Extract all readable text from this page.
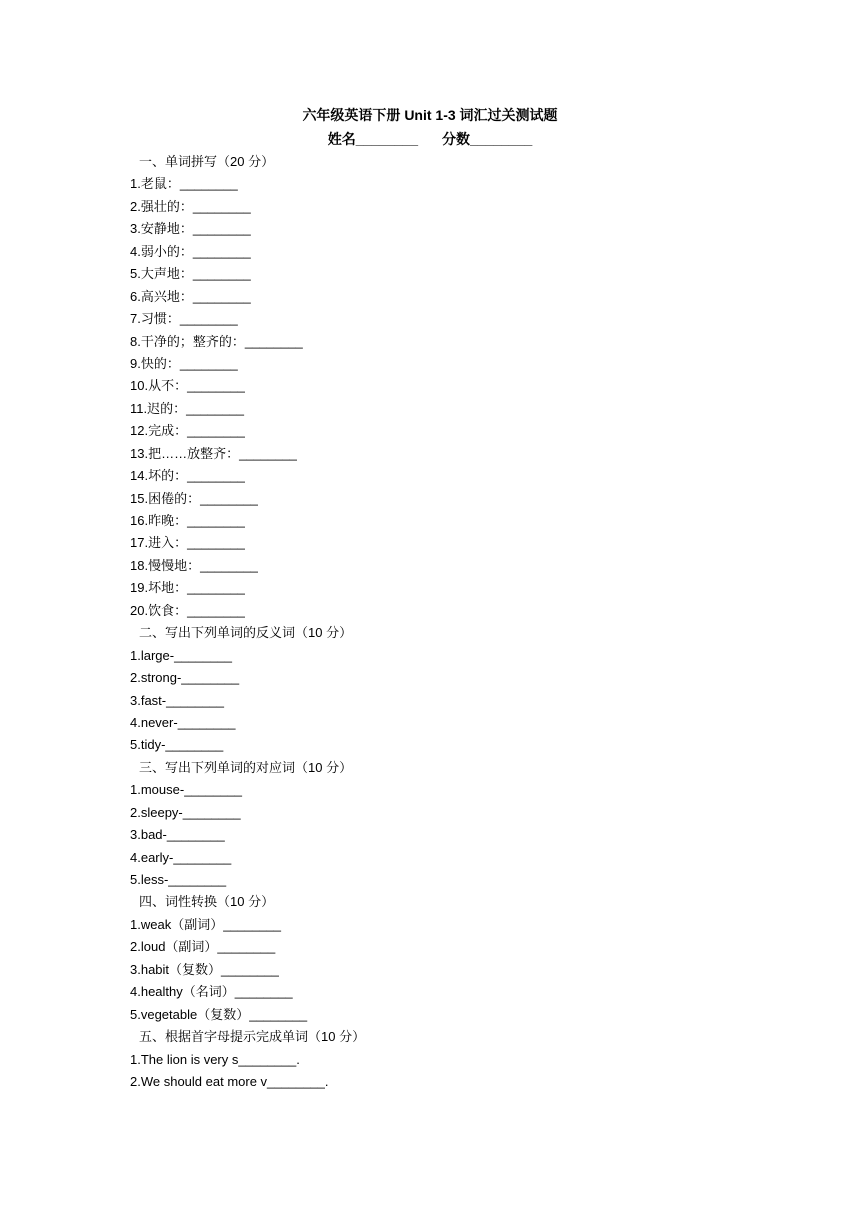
六年级英语下册 Unit 1-3 词汇过关测试题
姓名________ 分数________
一、单词拼写（20 分）
1.老鼠：________
2.强壮的：________
3.安静地：________
4.弱小的：________
5.大声地：________
6.高兴地：________
7.习惯：________
8.干净的；整齐的：________
9.快的：________
10.从不：________
11.迟的：________
12.完成：________
13.把……放整齐：________
14.坏的：________
15.困倦的：________
16.昨晚：________
17.进入：________
18.慢慢地：________
19.坏地：________
20.饮食：________
二、写出下列单词的反义词（10 分）
1.large-________
2.strong-________
3.fast-________
4.never-________
5.tidy-________
三、写出下列单词的对应词（10 分）
1.mouse-________
2.sleepy-________
3.bad-________
4.early-________
5.less-________
四、词性转换（10 分）
1.weak（副词）________
2.loud（副词）________
3.habit（复数）________
4.healthy（名词）________
5.vegetable（复数）________
五、根据首字母提示完成单词（10 分）
1.The lion is very s________.
2.We should eat more v________.
